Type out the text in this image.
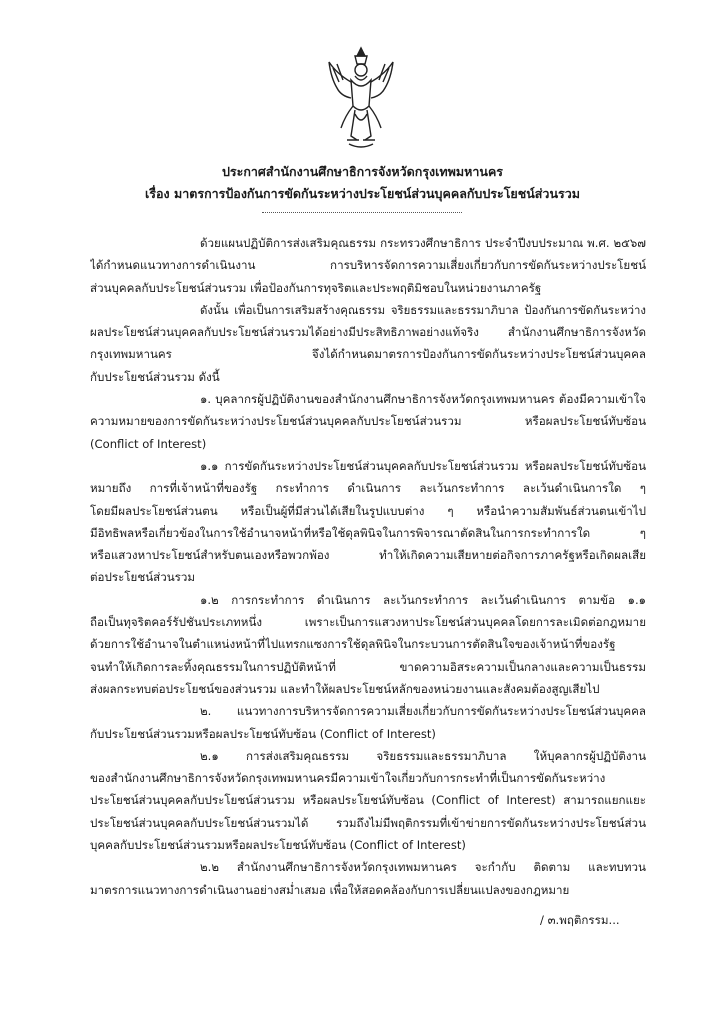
ประกาศสำนักงานศึกษาธิการจังหวัดกรุงเทพมหานคร
เรื่อง มาตรการป้องกันการขัดกันระหว่างประโยชน์ส่วนบุคคลกับประโยชน์ส่วนรวม
ด้วยแผนปฏิบัติการส่งเสริมคุณธรรม กระทรวงศึกษาธิการ ประจำปีงบประมาณ พ.ศ. ๒๕๖๗
ได้กำหนดแนวทางการดำเนินงาน การบริหารจัดการความเสี่ยงเกี่ยวกับการขัดกันระหว่างประโยชน์
ส่วนบุคคลกับประโยชน์ส่วนรวม เพื่อป้องกันการทุจริตและประพฤติมิชอบในหน่วยงานภาครัฐ
ดังนั้น เพื่อเป็นการเสริมสร้างคุณธรรม จริยธรรมและธรรมาภิบาล ป้องกันการขัดกันระหว่าง
ผลประโยชน์ส่วนบุคคลกับประโยชน์ส่วนรวมได้อย่างมีประสิทธิภาพอย่างแท้จริง สำนักงานศึกษาธิการจังหวัด
กรุงเทพมหานคร จึงได้กำหนดมาตรการป้องกันการขัดกันระหว่างประโยชน์ส่วนบุคคล
กับประโยชน์ส่วนรวม ดังนี้
๑. บุคลากรผู้ปฏิบัติงานของสำนักงานศึกษาธิการจังหวัดกรุงเทพมหานคร ต้องมีความเข้าใจ
ความหมายของการขัดกันระหว่างประโยชน์ส่วนบุคคลกับประโยชน์ส่วนรวม หรือผลประโยชน์ทับซ้อน
(Conflict of Interest)
๑.๑ การขัดกันระหว่างประโยชน์ส่วนบุคคลกับประโยชน์ส่วนรวม หรือผลประโยชน์ทับซ้อน
หมายถึง การที่เจ้าหน้าที่ของรัฐ กระทำการ ดำเนินการ ละเว้นกระทำการ ละเว้นดำเนินการใด ๆ
โดยมีผลประโยชน์ส่วนตน หรือเป็นผู้ที่มีส่วนได้เสียในรูปแบบต่าง ๆ หรือนำความสัมพันธ์ส่วนตนเข้าไป
มีอิทธิพลหรือเกี่ยวข้องในการใช้อำนาจหน้าที่หรือใช้ดุลพินิจในการพิจารณาตัดสินในการกระทำการใด ๆ
หรือแสวงหาประโยชน์สำหรับตนเองหรือพวกพ้อง ทำให้เกิดความเสียหายต่อกิจการภาครัฐหรือเกิดผลเสีย
ต่อประโยชน์ส่วนรวม
๑.๒ การกระทำการ ดำเนินการ ละเว้นกระทำการ ละเว้นดำเนินการ ตามข้อ ๑.๑
ถือเป็นทุจริตคอร์รัปชันประเภทหนึ่ง เพราะเป็นการแสวงหาประโยชน์ส่วนบุคคลโดยการละเมิดต่อกฎหมาย
ด้วยการใช้อำนาจในตำแหน่งหน้าที่ไปแทรกแซงการใช้ดุลพินิจในกระบวนการตัดสินใจของเจ้าหน้าที่ของรัฐ
จนทำให้เกิดการละทิ้งคุณธรรมในการปฏิบัติหน้าที่ ขาดความอิสระความเป็นกลางและความเป็นธรรม
ส่งผลกระทบต่อประโยชน์ของส่วนรวม และทำให้ผลประโยชน์หลักของหน่วยงานและสังคมต้องสูญเสียไป
๒. แนวทางการบริหารจัดการความเสี่ยงเกี่ยวกับการขัดกันระหว่างประโยชน์ส่วนบุคคล
กับประโยชน์ส่วนรวมหรือผลประโยชน์ทับซ้อน (Conflict of Interest)
๒.๑ การส่งเสริมคุณธรรม จริยธรรมและธรรมาภิบาล ให้บุคลากรผู้ปฏิบัติงาน
ของสำนักงานศึกษาธิการจังหวัดกรุงเทพมหานครมีความเข้าใจเกี่ยวกับการกระทำที่เป็นการขัดกันระหว่าง
ประโยชน์ส่วนบุคคลกับประโยชน์ส่วนรวม หรือผลประโยชน์ทับซ้อน (Conflict of Interest) สามารถแยกแยะ
ประโยชน์ส่วนบุคคลกับประโยชน์ส่วนรวมได้ รวมถึงไม่มีพฤติกรรมที่เข้าข่ายการขัดกันระหว่างประโยชน์ส่วน
บุคคลกับประโยชน์ส่วนรวมหรือผลประโยชน์ทับซ้อน (Conflict of Interest)
๒.๒ สำนักงานศึกษาธิการจังหวัดกรุงเทพมหานคร จะกำกับ ติดตาม และทบทวน
มาตรการแนวทางการดำเนินงานอย่างสม่ำเสมอ เพื่อให้สอดคล้องกับการเปลี่ยนแปลงของกฎหมาย
/ ๓.พฤติกรรม...
